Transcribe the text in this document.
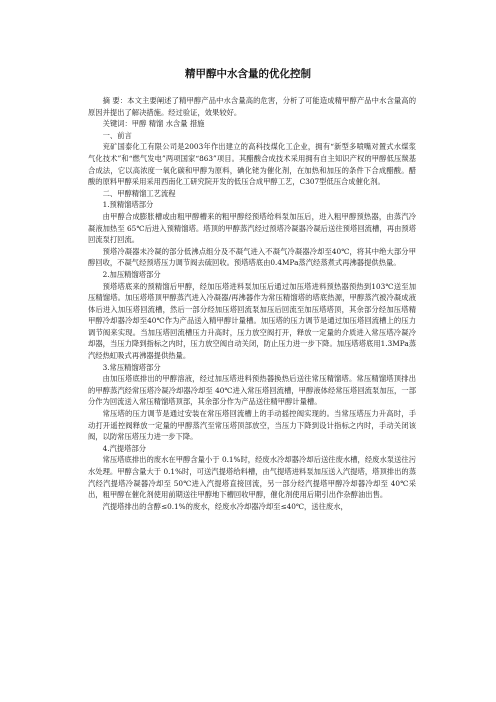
精甲醇中水含量的优化控制

摘 要：本文主要阐述了精甲醇产品中水含量高的危害，分析了可能造成精甲醇产品中水含量高的原因并提出了解决措施。经过验证，效果较好。

关键词：甲醇 精馏 水含量 措施

一、前言

兖矿国泰化工有限公司是2003年作出建立的高科技煤化工企业，拥有“新型多喷嘴对置式水煤浆气化技术”和“燃气发电”两项国家“863”项目。其醋酸合成技术采用拥有自主知识产权的甲醇低压羰基合成法，它以高浓度一氧化碳和甲醇为原料，碘化铑为催化剂，在加热和加压的条件下合成醋酸。醋酸的原料甲醇采用采用西南化工研究院开发的低压合成甲醇工艺，C307型低压合成催化剂。

二、甲醇精馏工艺流程

1.预精馏塔部分

由甲醇合成膨胀槽或由粗甲醇槽来的粗甲醇经预塔给料泵加压后，进入粗甲醇预热器，由蒸汽冷凝液加热至 65℃后进入预精馏塔。塔顶的甲醇蒸汽经过预塔冷凝器冷凝后送往预塔回流槽，再由预塔回流泵打回流。

预塔冷凝器未冷凝的部分低沸点组分及不凝气进入不凝气冷凝器冷却至40℃，将其中绝大部分甲醇回收，不凝气经预塔压力调节阀去硫回收。预塔塔底由0.4MPa蒸汽经蒸煮式再沸器提供热量。

2.加压精馏塔部分

预塔塔底来的预精馏后甲醇，经加压塔进料泵加压后通过加压塔进料预热器预热到103℃送至加压精馏塔。加压塔塔顶甲醇蒸汽进入冷凝器/再沸器作为常压精馏塔的塔底热源，甲醇蒸汽被冷凝成液体后进入加压塔回流槽，然后一部分经加压塔回流泵加压后回流至加压塔塔顶，其余部分经加压塔精甲醇冷却器冷却至40℃作为产品送入精甲醇计量槽。加压塔的压力调节是通过加压塔回流槽上的压力调节阀来实现。当加压塔回流槽压力升高时，压力放空阀打开，释放一定量的介质进入常压塔冷凝冷却器，当压力降到指标之内时，压力放空阀自动关闭，防止压力进一步下降。加压塔塔底用1.3MPa蒸汽经热虹吸式再沸器提供热量。

3.常压精馏塔部分

由加压塔底排出的甲醇溶液，经过加压塔进料预热器换热后送往常压精馏塔。常压精馏塔顶排出的甲醇蒸汽经常压塔冷凝冷却器冷却至 40℃进入常压塔回流槽，甲醇液体经常压塔回流泵加压，一部分作为回流送入常压精馏塔顶部，其余部分作为产品送往精甲醇计量槽。

常压塔的压力调节是通过安装在常压塔回流槽上的手动摇控阀实现的。当常压塔压力升高时，手动打开遥控阀释放一定量的甲醇蒸汽至常压塔顶部放空，当压力下降到设计指标之内时，手动关闭该阀，以防常压塔压力进一步下降。

4.汽提塔部分

常压塔底排出的废水在甲醇含量小于 0.1%时，经废水冷却器冷却后送往废水槽，经废水泵送往污水处理。甲醇含量大于 0.1%时，可送汽提塔给料槽，由气提塔进料泵加压送入汽提塔，塔顶排出的蒸汽经汽提塔冷凝器冷却至 50℃进入汽提塔直接回流，另一部分经汽提塔甲醇冷却器冷却至 40℃采出，粗甲醇在催化剂使用前期送往甲醇地下槽回收甲醇，催化剂使用后期引出作杂醇油出售。

汽提塔排出的含醇≤0.1%的废水，经废水冷却器冷却至≤40℃，送往废水，
